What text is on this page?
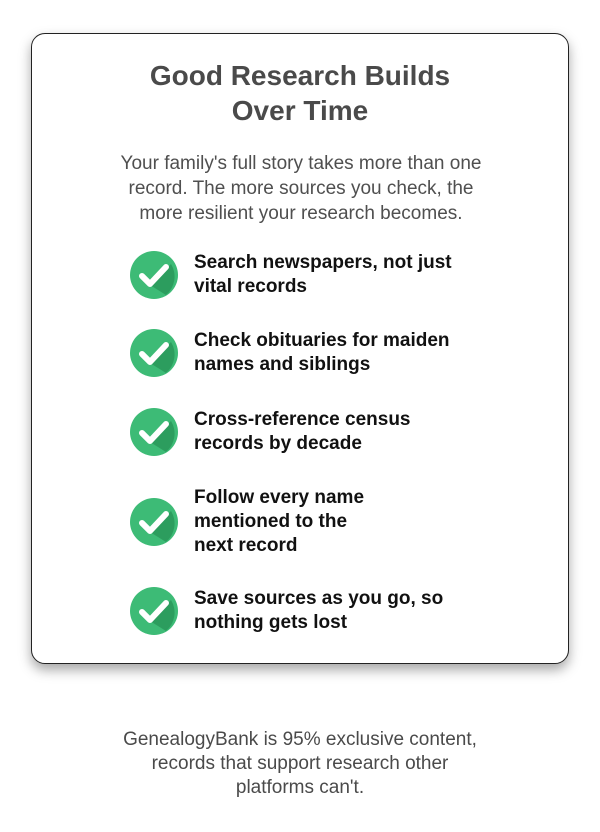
Good Research Builds
Over Time

Your family's full story takes more than one
record. The more sources you check, the
more resilient your research becomes.

Search newspapers, not just
vital records
Check obituaries for maiden
names and siblings
Cross-reference census
records by decade
Follow every name
mentioned to the
next record
Save sources as you go, so
nothing gets lost

GenealogyBank is 95% exclusive content,
records that support research other
platforms can't.
